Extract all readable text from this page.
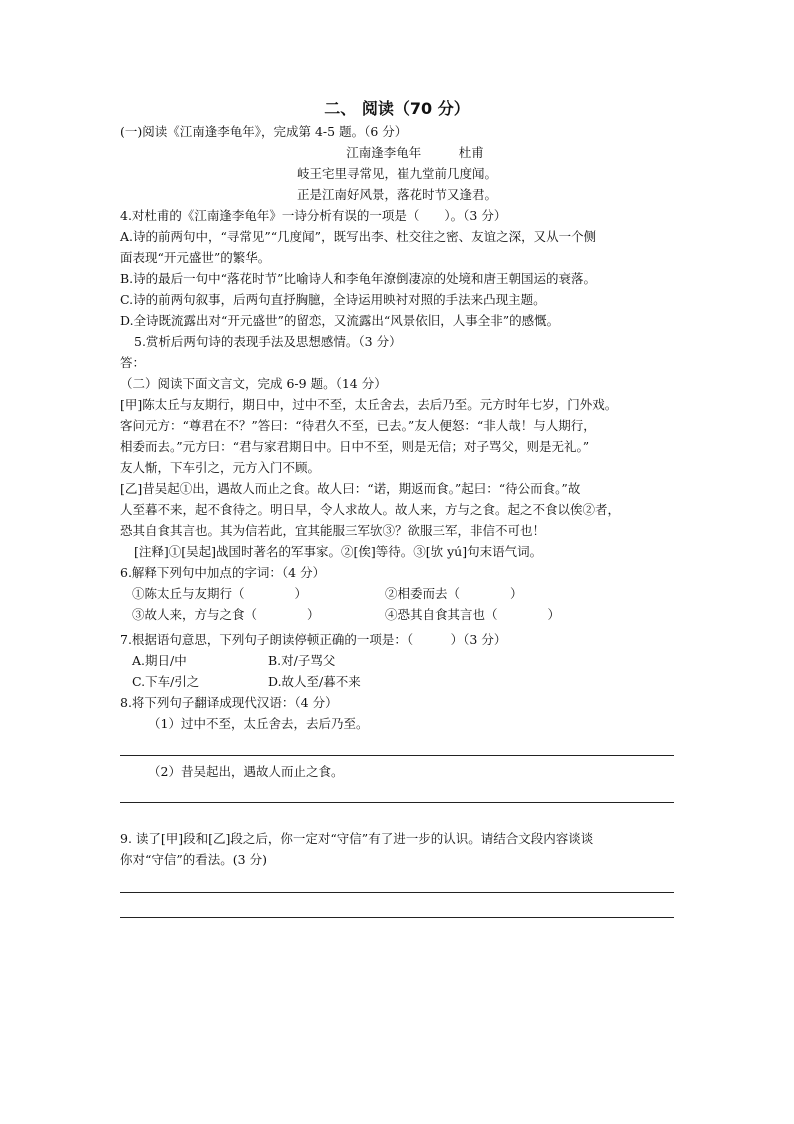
二、 阅读（70 分）
(一)阅读《江南逢李龟年》，完成第 4-5 题。（6 分）
江南逢李龟年　　　杜甫
岐王宅里寻常见，崔九堂前几度闻。
正是江南好风景，落花时节又逢君。
4.对杜甫的《江南逢李龟年》一诗分析有误的一项是（　　）。（3 分）
A.诗的前两句中，“寻常见”“几度闻”，既写出李、杜交往之密、友谊之深，又从一个侧
面表现“开元盛世”的繁华。
B.诗的最后一句中“落花时节”比喻诗人和李龟年潦倒凄凉的处境和唐王朝国运的衰落。
C.诗的前两句叙事，后两句直抒胸臆，全诗运用映衬对照的手法来凸现主题。
D.全诗既流露出对“开元盛世”的留恋，又流露出“风景依旧，人事全非”的感慨。
5.赏析后两句诗的表现手法及思想感情。（3 分）
答：
（二）阅读下面文言文，完成 6-9 题。（14 分）
[甲]陈太丘与友期行，期日中，过中不至，太丘舍去，去后乃至。元方时年七岁，门外戏。
客问元方：“尊君在不？”答曰：“待君久不至，已去。”友人便怒：“非人哉！与人期行，
相委而去。”元方曰：“君与家君期日中。日中不至，则是无信；对子骂父，则是无礼。”
友人惭，下车引之，元方入门不顾。
[乙]昔吴起①出，遇故人而止之食。故人曰：“诺，期返而食。”起曰：“待公而食。”故
人至暮不来，起不食待之。明日早，令人求故人。故人来，方与之食。起之不食以俟②者，
恐其自食其言也。其为信若此，宜其能服三军欤③？欲服三军，非信不可也！
[注释]①[吴起]战国时著名的军事家。②[俟]等待。③[欤 yú]句末语气词。
6.解释下列句中加点的字词：（4 分）
①陈太丘与友期行（　　　　）	②相委而去（　　　　）
③故人来，方与之食（　　　　）	④恐其自食其言也（　　　　）
7.根据语句意思，下列句子朗读停顿正确的一项是：（　　　）（3 分）
A.期日/中	B.对/子骂父
C.下车/引之	D.故人至/暮不来
8.将下列句子翻译成现代汉语：（4 分）
（1）过中不至，太丘舍去，去后乃至。
（2）昔吴起出，遇故人而止之食。
9. 读了[甲]段和[乙]段之后，你一定对“守信”有了进一步的认识。请结合文段内容谈谈
你对“守信”的看法。(3 分)
